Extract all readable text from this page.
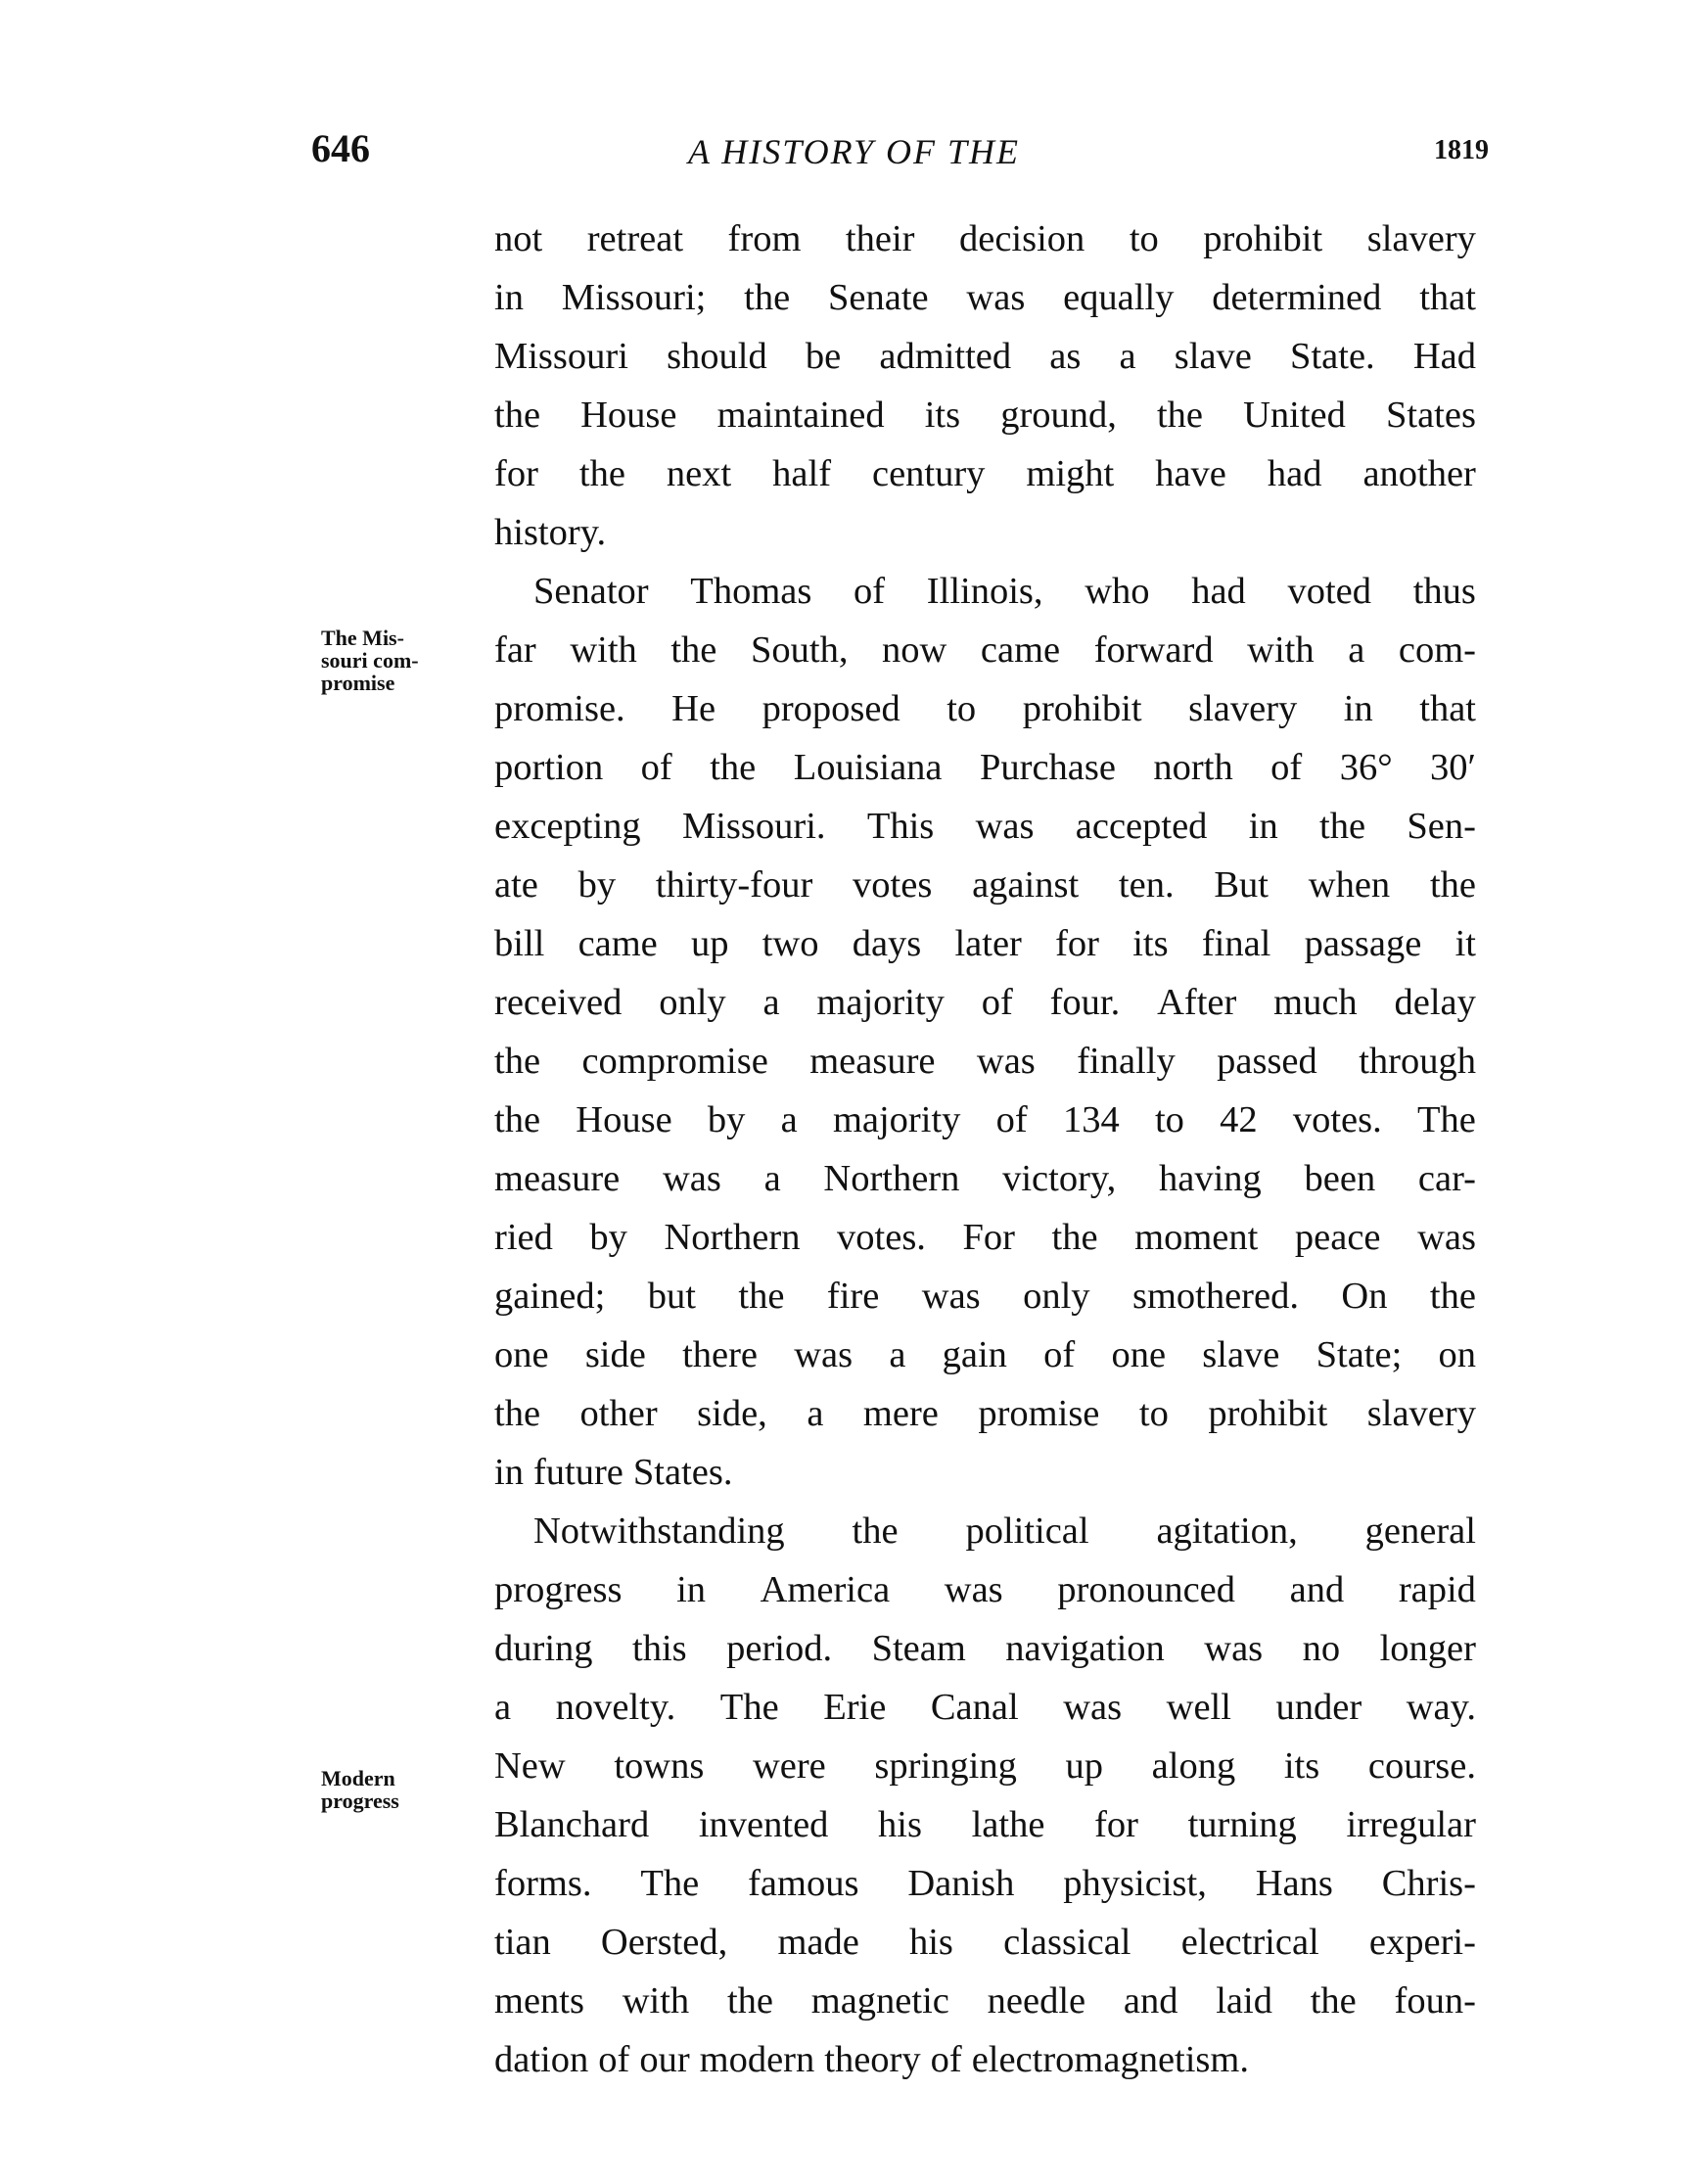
646	A HISTORY OF THE	1819
The Mis-
souri com-
promise
Modern
progress
not retreat from their decision to prohibit slavery
in Missouri; the Senate was equally determined that
Missouri should be admitted as a slave State. Had
the House maintained its ground, the United States
for the next half century might have had another
history.
Senator Thomas of Illinois, who had voted thus
far with the South, now came forward with a com-
promise. He proposed to prohibit slavery in that
portion of the Louisiana Purchase north of 36° 30′
excepting Missouri. This was accepted in the Sen-
ate by thirty-four votes against ten. But when the
bill came up two days later for its final passage it
received only a majority of four. After much delay
the compromise measure was finally passed through
the House by a majority of 134 to 42 votes. The
measure was a Northern victory, having been car-
ried by Northern votes. For the moment peace was
gained; but the fire was only smothered. On the
one side there was a gain of one slave State; on
the other side, a mere promise to prohibit slavery
in future States.
Notwithstanding the political agitation, general
progress in America was pronounced and rapid
during this period. Steam navigation was no longer
a novelty. The Erie Canal was well under way.
New towns were springing up along its course.
Blanchard invented his lathe for turning irregular
forms. The famous Danish physicist, Hans Chris-
tian Oersted, made his classical electrical experi-
ments with the magnetic needle and laid the foun-
dation of our modern theory of electromagnetism.
